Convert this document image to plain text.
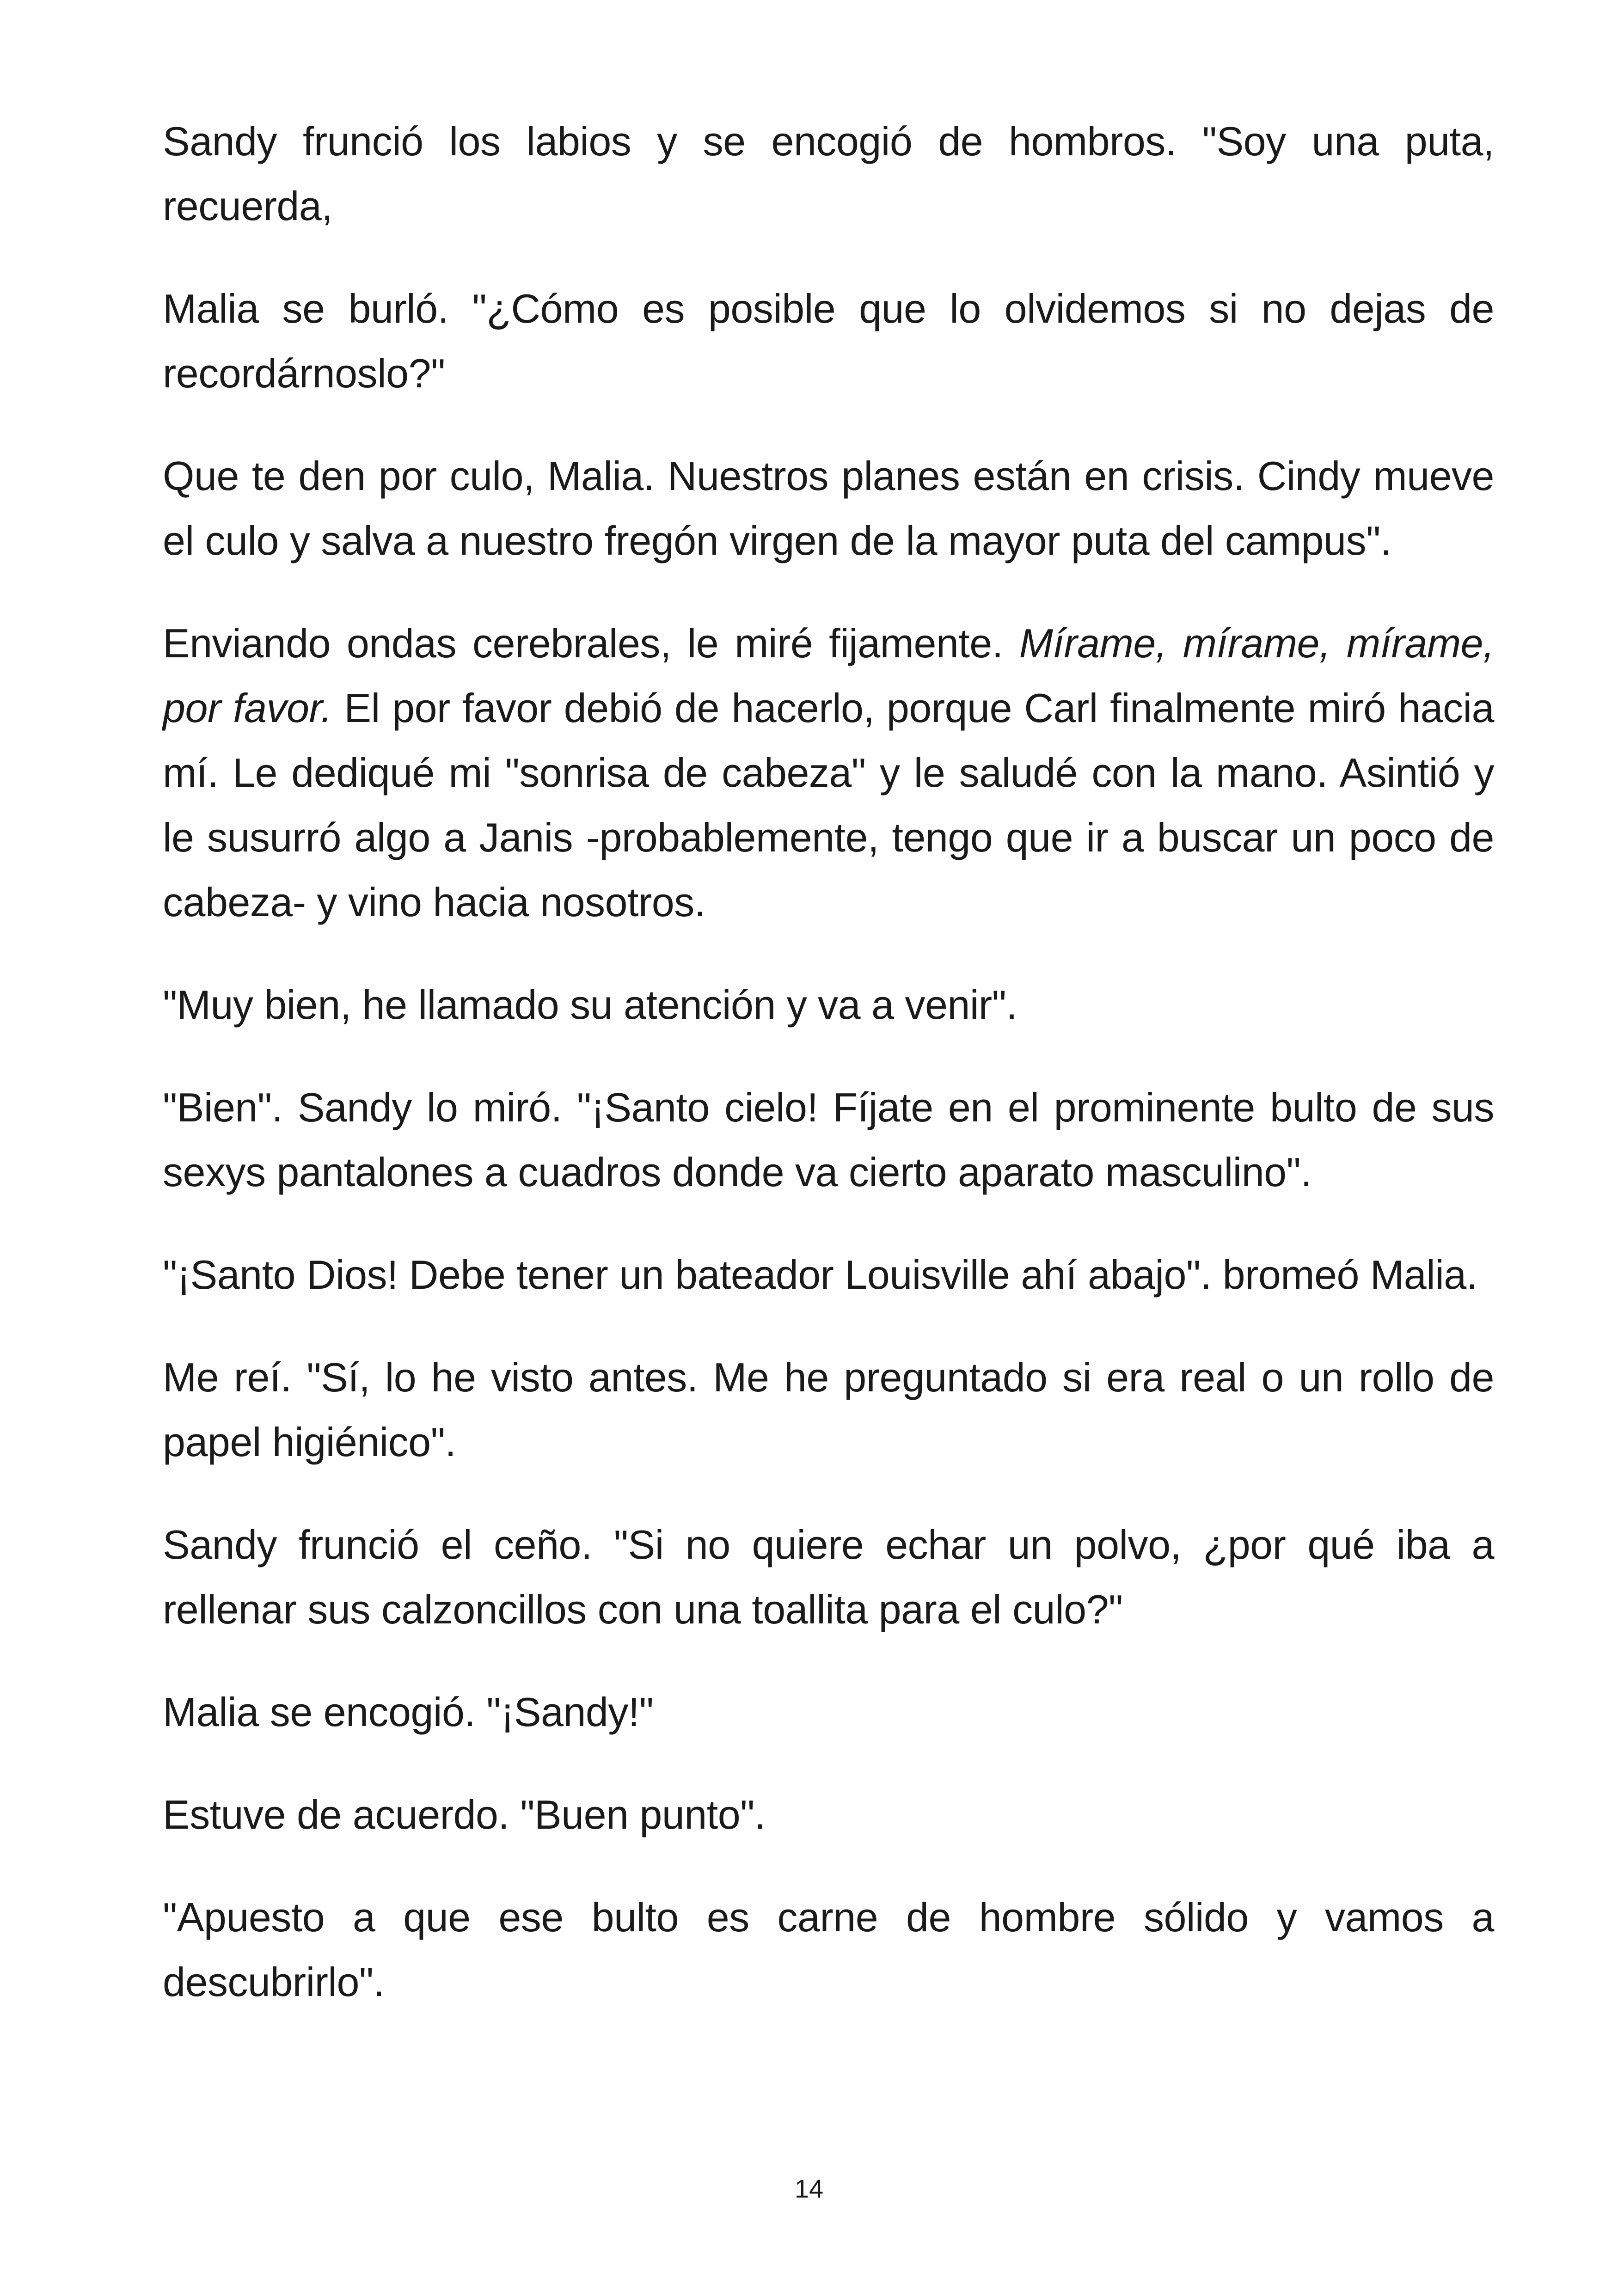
Sandy frunció los labios y se encogió de hombros. "Soy una puta, recuerda,

Malia se burló. "¿Cómo es posible que lo olvidemos si no dejas de recordárnoslo?"

Que te den por culo, Malia. Nuestros planes están en crisis. Cindy mueve el culo y salva a nuestro fregón virgen de la mayor puta del campus".

Enviando ondas cerebrales, le miré fijamente. Mírame, mírame, mírame, por favor. El por favor debió de hacerlo, porque Carl finalmente miró hacia mí. Le dediqué mi "sonrisa de cabeza" y le saludé con la mano. Asintió y le susurró algo a Janis -probablemente, tengo que ir a buscar un poco de cabeza- y vino hacia nosotros.

"Muy bien, he llamado su atención y va a venir".

"Bien". Sandy lo miró. "¡Santo cielo! Fíjate en el prominente bulto de sus sexys pantalones a cuadros donde va cierto aparato masculino".

"¡Santo Dios! Debe tener un bateador Louisville ahí abajo". bromeó Malia.

Me reí. "Sí, lo he visto antes. Me he preguntado si era real o un rollo de papel higiénico".

Sandy frunció el ceño. "Si no quiere echar un polvo, ¿por qué iba a rellenar sus calzoncillos con una toallita para el culo?"

Malia se encogió. "¡Sandy!"

Estuve de acuerdo. "Buen punto".

"Apuesto a que ese bulto es carne de hombre sólido y vamos a descubrirlo".

14
